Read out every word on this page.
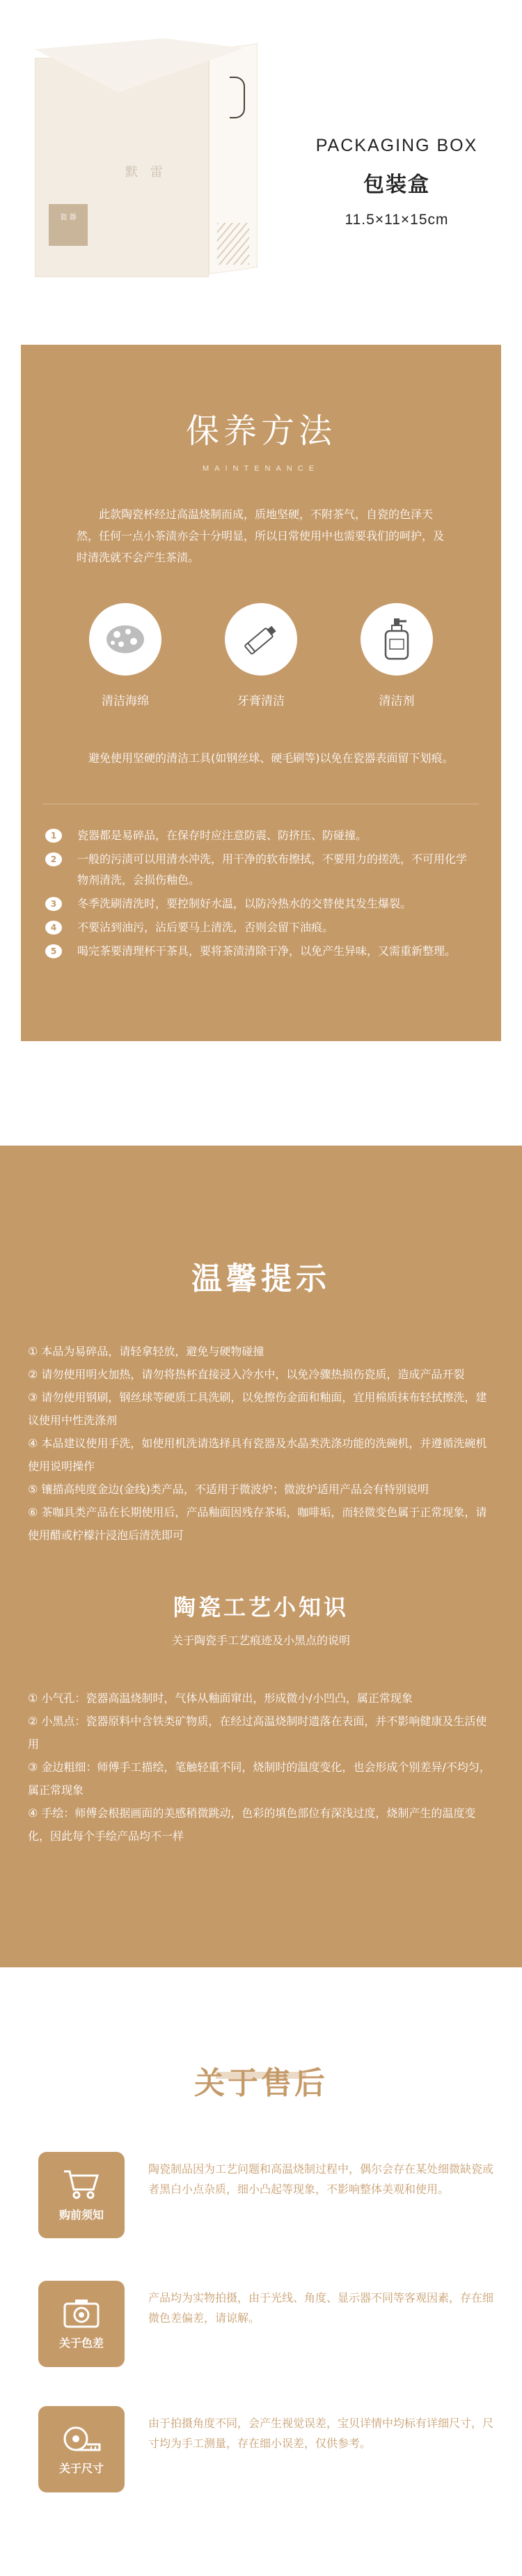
默 雷
瓷 器
PACKAGING BOX
包装盒
11.5×11×15cm
保养方法
MAINTENANCE

此款陶瓷杯经过高温烧制而成，质地坚硬，不附茶气，自瓷的色泽天然，任何一点小茶渍亦会十分明显，所以日常使用中也需要我们的呵护，及时清洗就不会产生茶渍。

清洁海绵	牙膏清洁	清洁剂

避免使用坚硬的清洁工具(如钢丝球、硬毛刷等)以免在瓷器表面留下划痕。

1	瓷器都是易碎品，在保存时应注意防震、防挤压、防碰撞。
2	一般的污渍可以用清水冲洗，用干净的软布擦拭，不要用力的搓洗，不可用化学物剂清洗，会损伤釉色。
3	冬季洗刷清洗时，要控制好水温，以防冷热水的交替使其发生爆裂。
4	不要沾到油污，沾后要马上清洗，否则会留下油痕。
5	喝完茶要清理杯干茶具，要将茶渍清除干净，以免产生异味，又需重新整理。
温馨提示
① 本品为易碎品，请轻拿轻放，避免与硬物碰撞
② 请勿使用明火加热，请勿将热杯直接浸入冷水中，以免冷骤热损伤瓷质，造成产品开裂
③ 请勿使用钢刷，钢丝球等硬质工具洗刷，以免擦伤金面和釉面，宜用棉质抹布轻拭擦洗，建议使用中性洗涤剂
④ 本品建议使用手洗，如使用机洗请选择具有瓷器及水晶类洗涤功能的洗碗机，并遵循洗碗机使用说明操作
⑤ 镶描高纯度金边(金线)类产品，不适用于微波炉；微波炉适用产品会有特别说明
⑥ 茶咖具类产品在长期使用后，产品釉面因残存茶垢，咖啡垢，而轻微变色属于正常现象，请使用醋或柠檬汁浸泡后清洗即可
陶瓷工艺小知识
关于陶瓷手工艺痕迹及小黑点的说明
① 小气孔：瓷器高温烧制时，气体从釉面窜出，形成微小/小凹凸，属正常现象
② 小黑点：瓷器原料中含铁类矿物质，在经过高温烧制时遗落在表面，并不影响健康及生活使用
③ 金边粗细：师傅手工描绘，笔触轻重不同，烧制时的温度变化，也会形成个别差异/不均匀，属正常现象
④ 手绘：师傅会根据画面的美感稍微跳动，色彩的填色部位有深浅过度，烧制产生的温度变化，因此每个手绘产品均不一样
关于售后
购前须知
陶瓷制品因为工艺问题和高温烧制过程中，偶尔会存在某处细微缺瓷或者黑白小点杂质，细小凸起等现象，不影响整体美观和使用。
关于色差
产品均为实物拍摄，由于光线、角度、显示器不同等客观因素，存在细微色差偏差，请谅解。
关于尺寸
由于拍摄角度不同，会产生视觉误差，宝贝详情中均标有详细尺寸，尺寸均为手工测量，存在细小误差，仅供参考。
